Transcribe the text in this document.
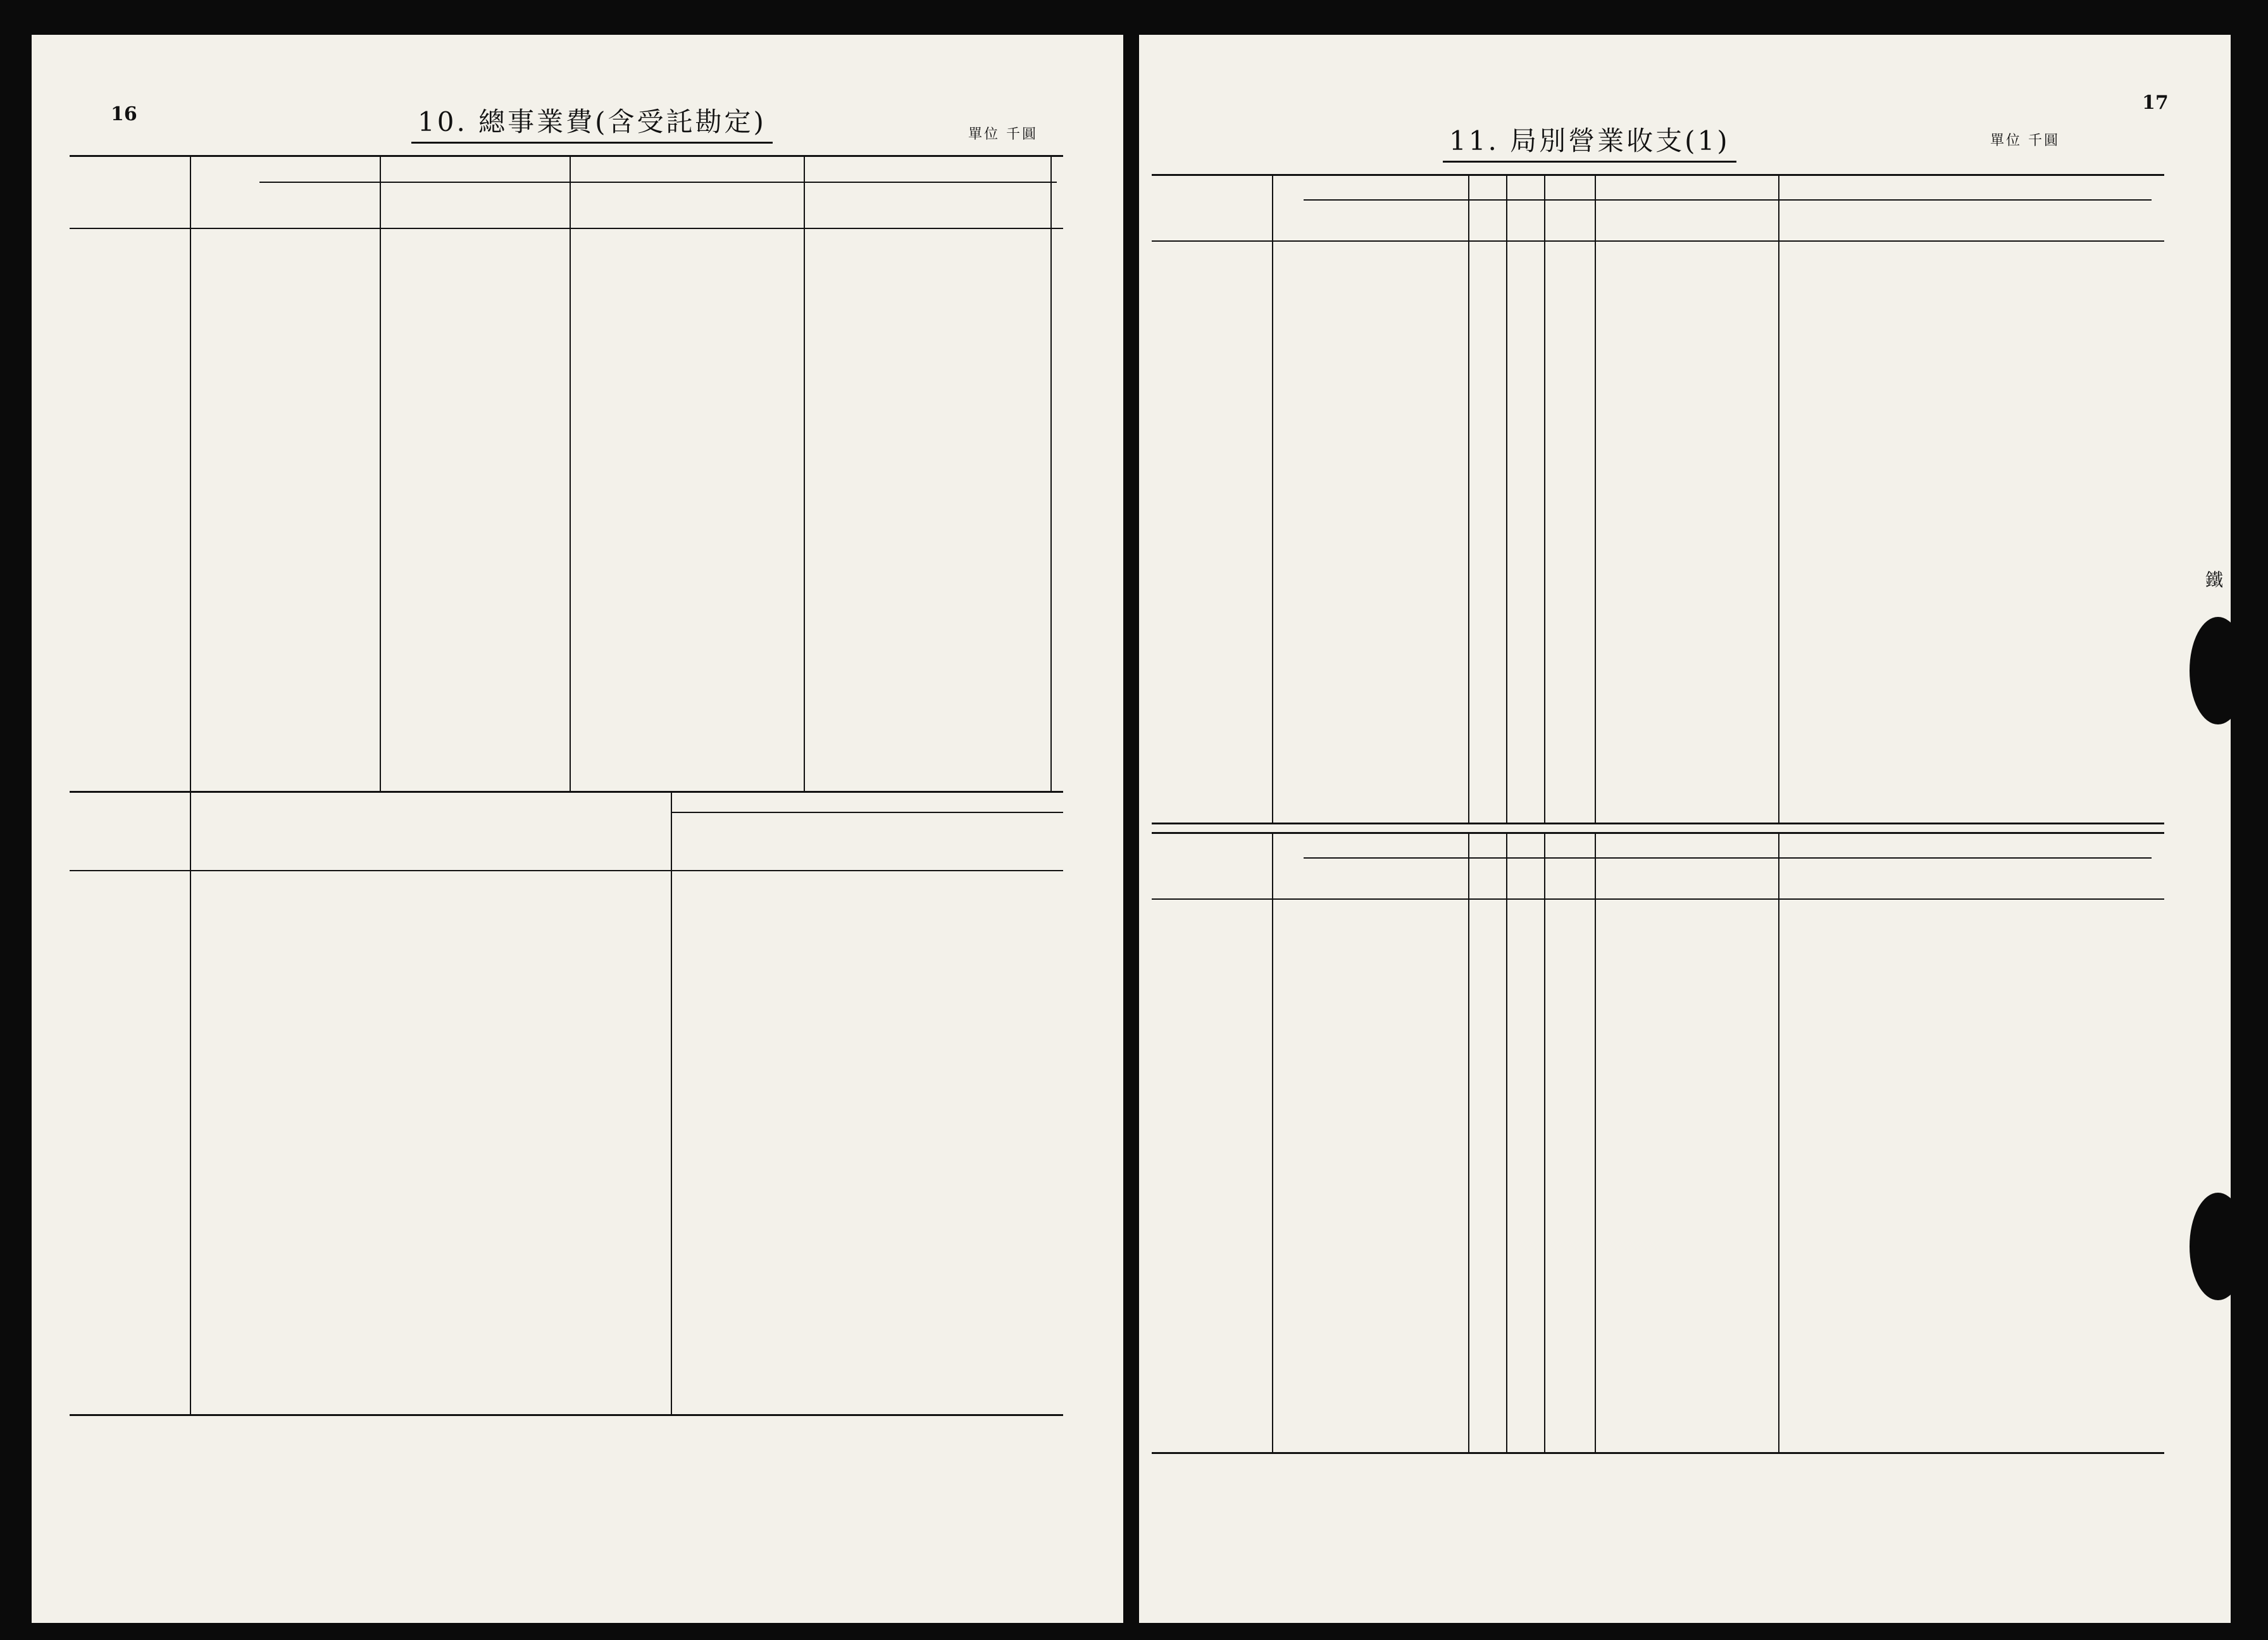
16	10. 總事業費(含受託勘定)	單位 千圓
17
11. 局別營業收支(1)	單位 千圓
鐵
